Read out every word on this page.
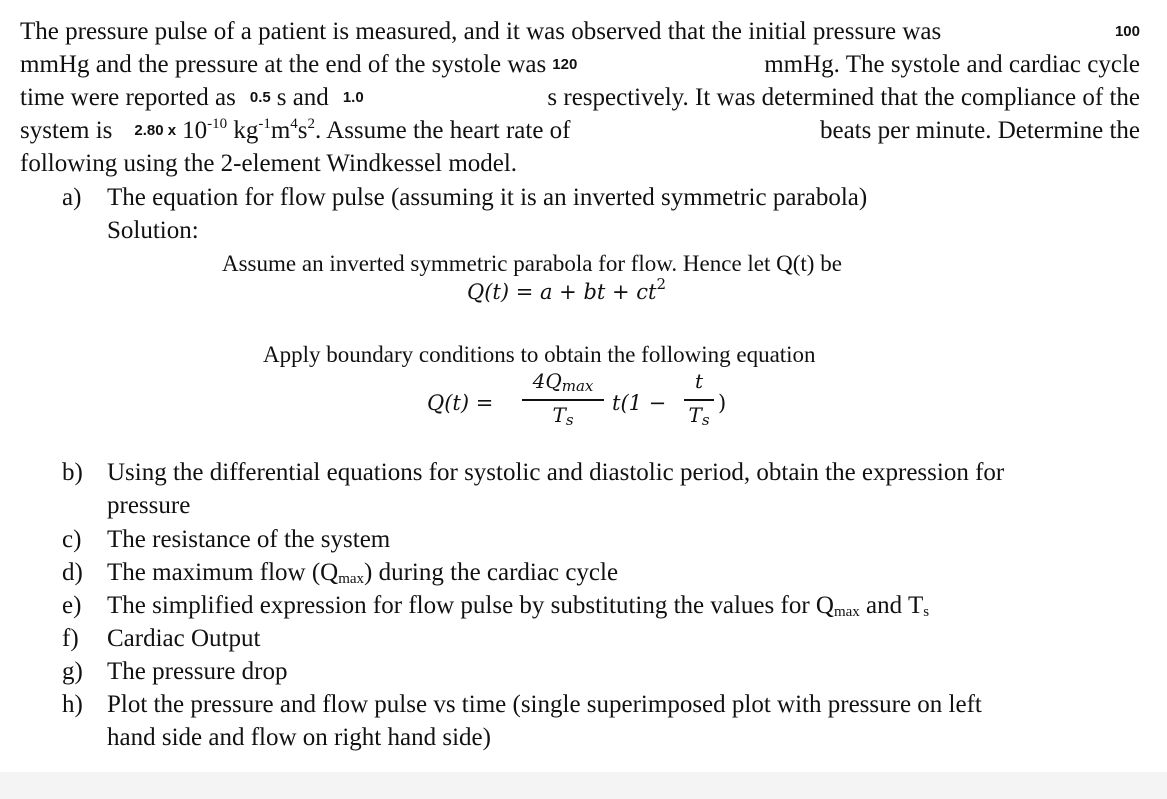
The pressure pulse of a patient is measured, and it was observed that the initial pressure was	100
mmHg and the pressure at the end of the systole was 120	mmHg. The systole and cardiac cycle
time were reported as 0.5 s and 1.0	s respectively. It was determined that the compliance of the
system is 2.80 x $10^{-10}$ $kg^{-1}m^4s^2$. Assume the heart rate of	beats per minute. Determine the
following using the 2-element Windkessel model.
a) The equation for flow pulse (assuming it is an inverted symmetric parabola)
Solution:
Assume an inverted symmetric parabola for flow. Hence let Q(t) be
Q(t) = a + bt + $ct^2$
Apply boundary conditions to obtain the following equation
Q(t) =
$4Q_{max}$
$T_s$
t(1 −
t
$T_s$
)
b) Using the differential equations for systolic and diastolic period, obtain the expression for
pressure
c) The resistance of the system
d) The maximum flow $(Q_{max})$ during the cardiac cycle
e) The simplified expression for flow pulse by substituting the values for $Q_{max}$ and $T_s$
f) Cardiac Output
g) The pressure drop
h) Plot the pressure and flow pulse vs time (single superimposed plot with pressure on left
hand side and flow on right hand side)
